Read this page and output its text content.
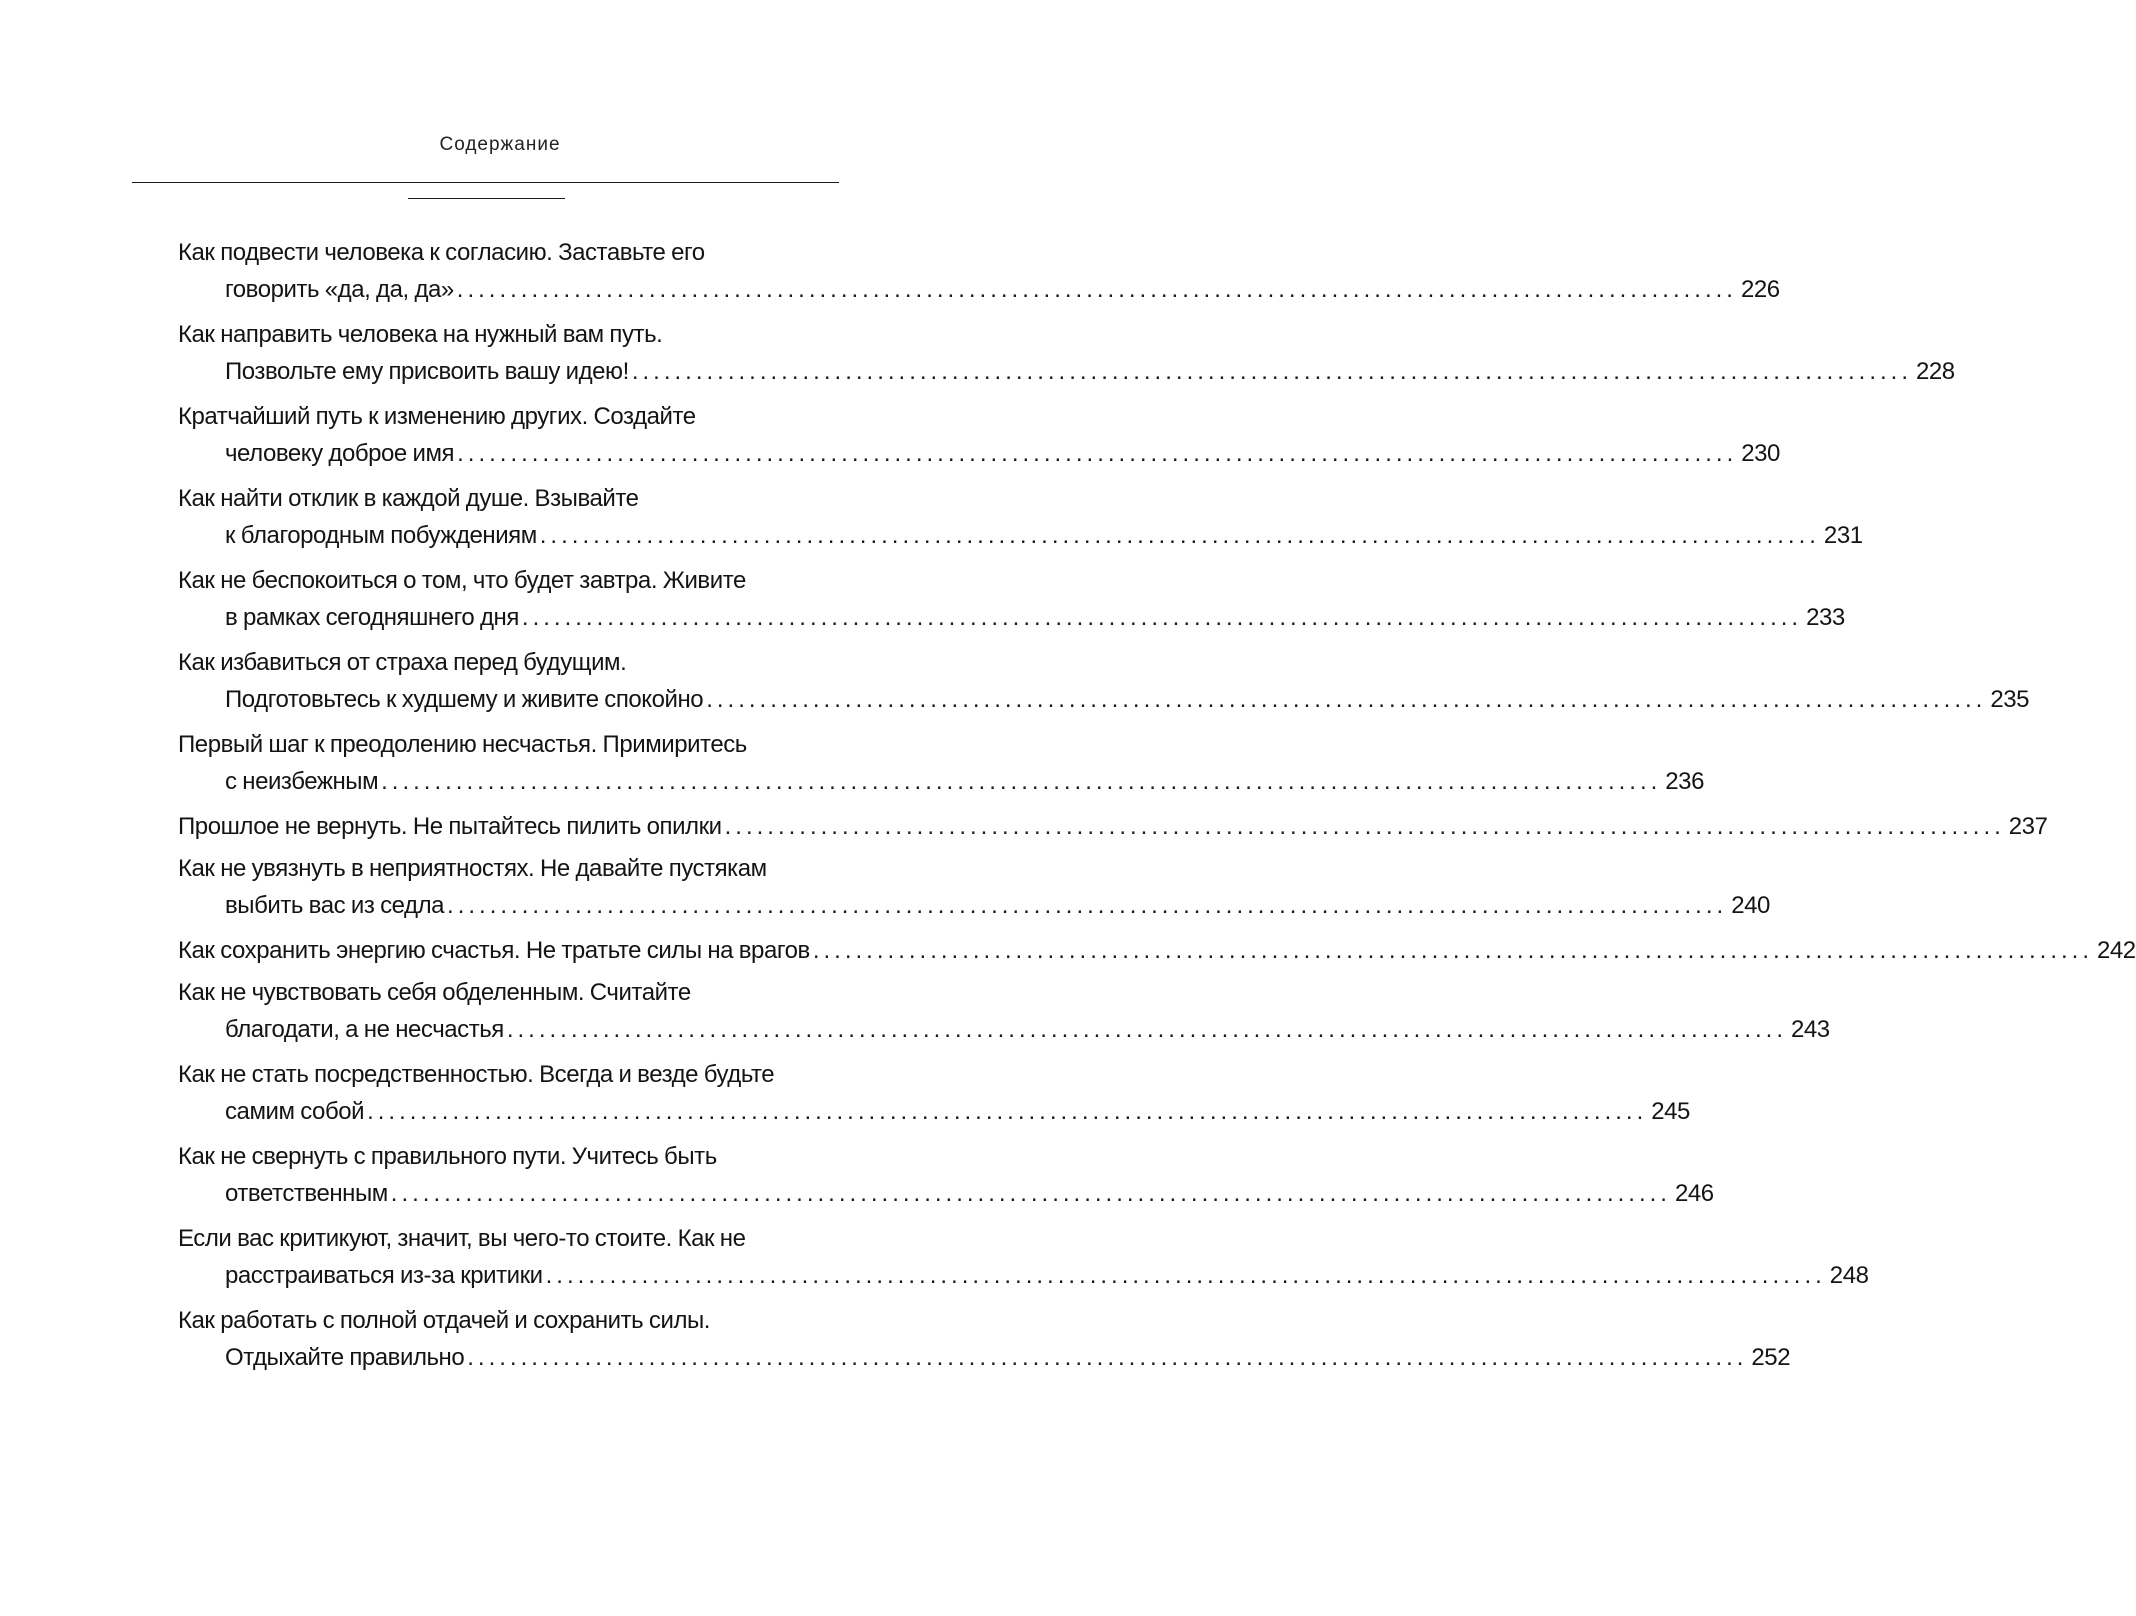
Содержание
Как подвести человека к согласию. Заставьте его
говорить «да, да, да» ........................................................................................................................ 226
Как направить человека на нужный вам путь.
Позвольте ему присвоить вашу идею! ........................................................................................................................ 228
Кратчайший путь к изменению других. Создайте
человеку доброе имя ........................................................................................................................ 230
Как найти отклик в каждой душе. Взывайте
к благородным побуждениям ........................................................................................................................ 231
Как не беспокоиться о том, что будет завтра. Живите
в рамках сегодняшнего дня ........................................................................................................................ 233
Как избавиться от страха перед будущим.
Подготовьтесь к худшему и живите спокойно ........................................................................................................................ 235
Первый шаг к преодолению несчастья. Примиритесь
с неизбежным ........................................................................................................................ 236
Прошлое не вернуть. Не пытайтесь пилить опилки ........................................................................................................................ 237
Как не увязнуть в неприятностях. Не давайте пустякам
выбить вас из седла ........................................................................................................................ 240
Как сохранить энергию счастья. Не тратьте силы на врагов ........................................................................................................................ 242
Как не чувствовать себя обделенным. Считайте
благодати, а не несчастья ........................................................................................................................ 243
Как не стать посредственностью. Всегда и везде будьте
самим собой ........................................................................................................................ 245
Как не свернуть с правильного пути. Учитесь быть
ответственным ........................................................................................................................ 246
Если вас критикуют, значит, вы чего-то стоите. Как не
расстраиваться из-за критики ........................................................................................................................ 248
Как работать с полной отдачей и сохранить силы.
Отдыхайте правильно ........................................................................................................................ 252
